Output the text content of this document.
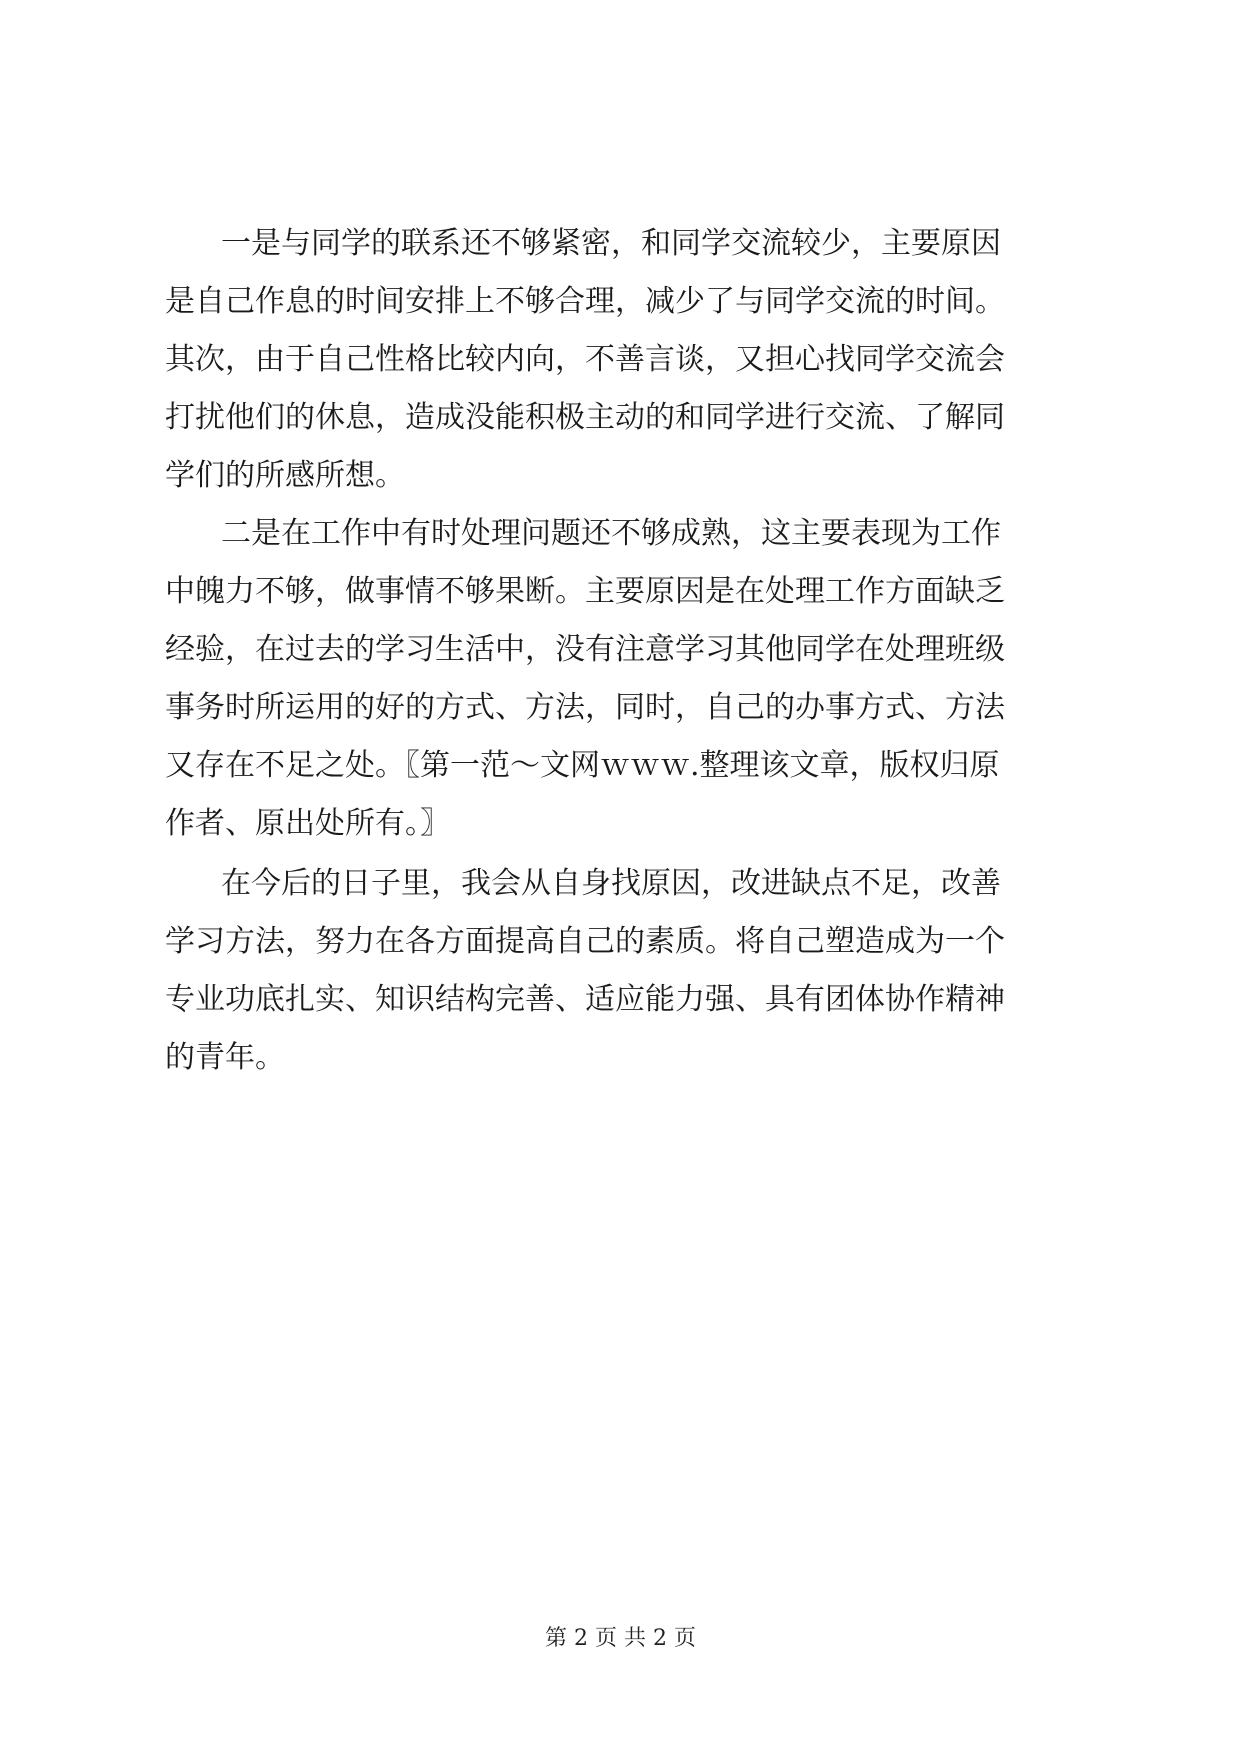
一是与同学的联系还不够紧密，和同学交流较少，主要原因
是自己作息的时间安排上不够合理，减少了与同学交流的时间。
其次，由于自己性格比较内向，不善言谈，又担心找同学交流会
打扰他们的休息，造成没能积极主动的和同学进行交流、了解同
学们的所感所想。
二是在工作中有时处理问题还不够成熟，这主要表现为工作
中魄力不够，做事情不够果断。主要原因是在处理工作方面缺乏
经验，在过去的学习生活中，没有注意学习其他同学在处理班级
事务时所运用的好的方式、方法，同时，自己的办事方式、方法
又存在不足之处。〖第一范～文网ｗｗｗ.整理该文章，版权归原
作者、原出处所有。〗
在今后的日子里，我会从自身找原因，改进缺点不足，改善
学习方法，努力在各方面提高自己的素质。将自己塑造成为一个
专业功底扎实、知识结构完善、适应能力强、具有团体协作精神
的青年。
第 2 页 共 2 页
